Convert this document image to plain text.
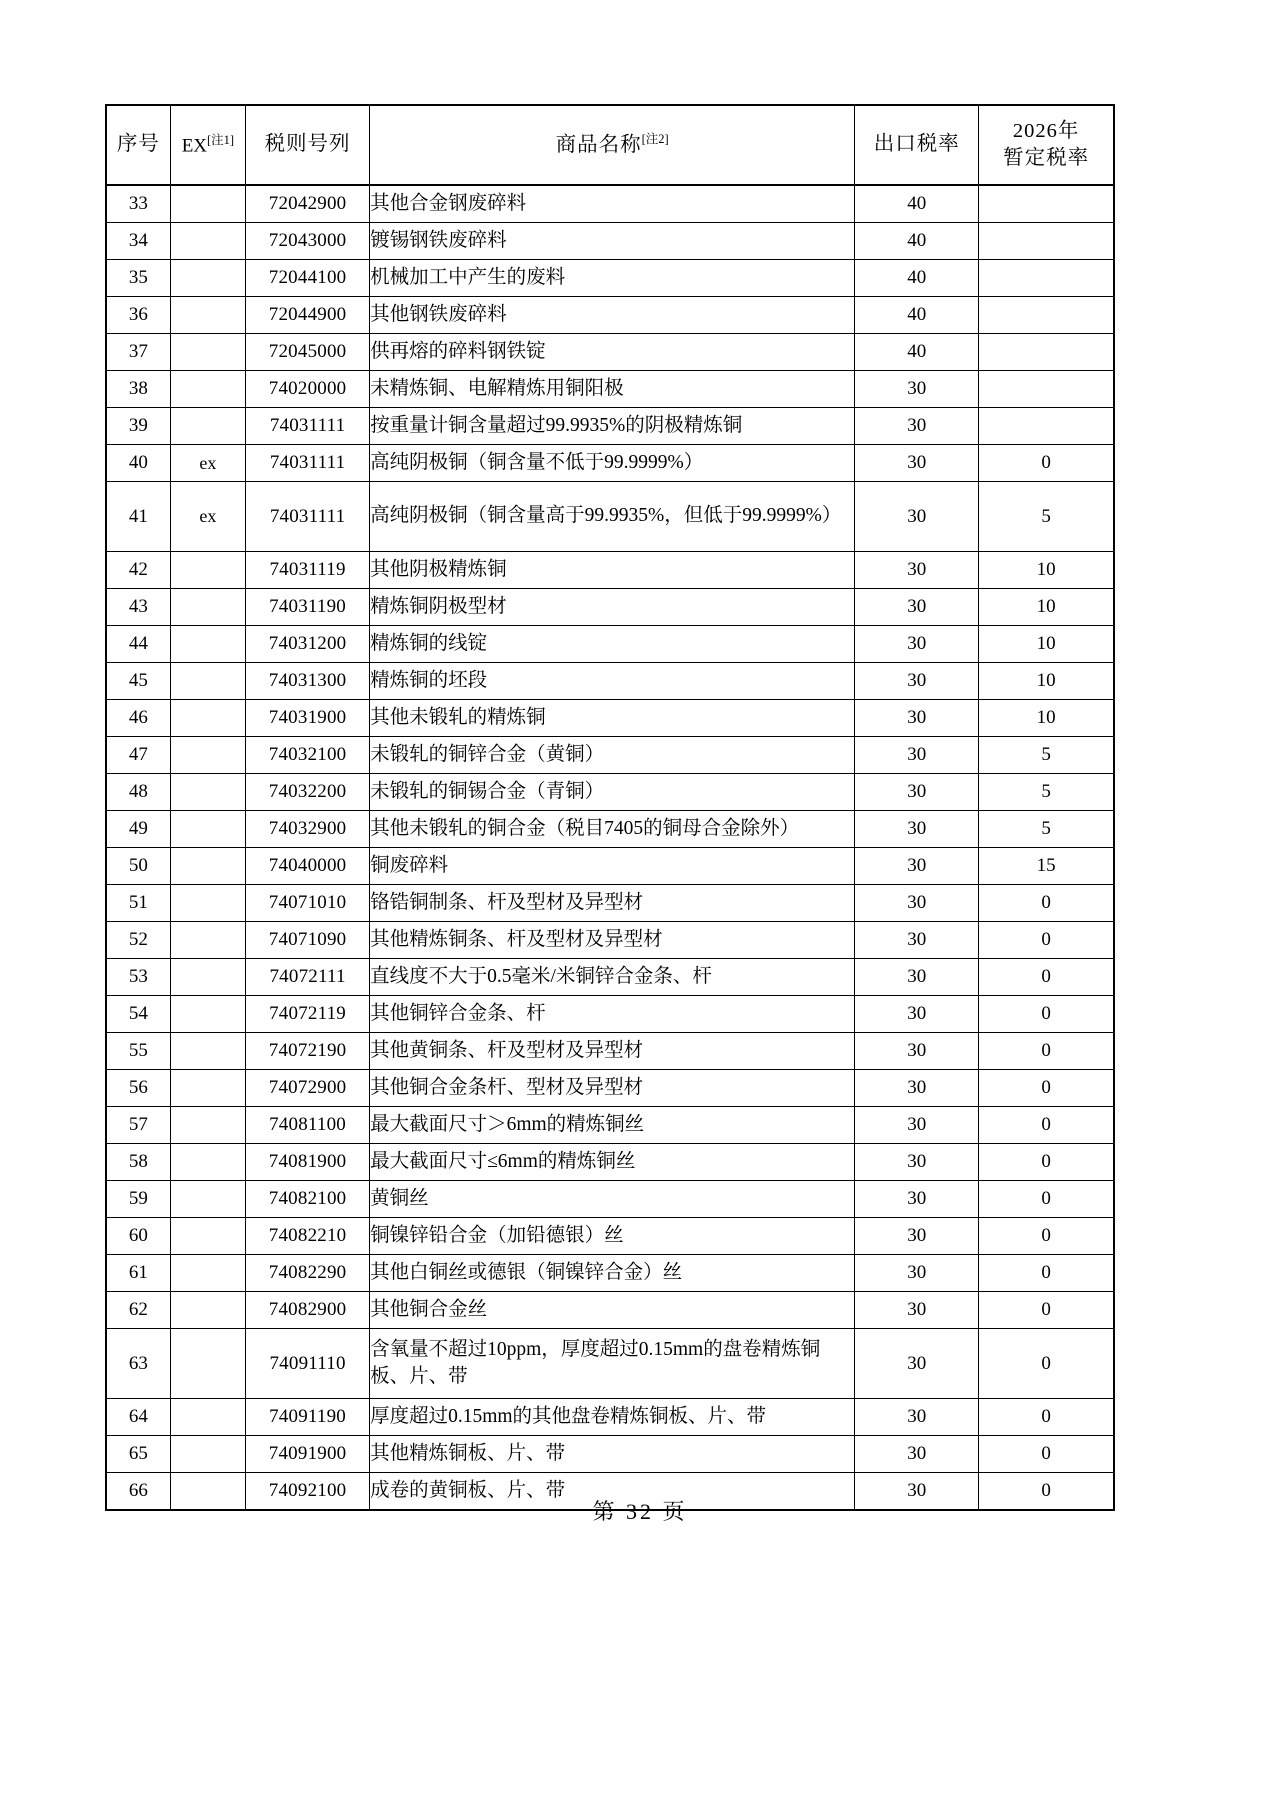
序号	EX[注1]	税则号列	商品名称[注2]	出口税率	2026年
暂定税率

33		72042900	其他合金钢废碎料	40	
34		72043000	镀锡钢铁废碎料	40	
35		72044100	机械加工中产生的废料	40	
36		72044900	其他钢铁废碎料	40	
37		72045000	供再熔的碎料钢铁锭	40	
38		74020000	未精炼铜、电解精炼用铜阳极	30	
39		74031111	按重量计铜含量超过99.9935%的阴极精炼铜	30	
40	ex	74031111	高纯阴极铜（铜含量不低于99.9999%）	30	0
41	ex	74031111	高纯阴极铜（铜含量高于99.9935%，但低于99.9999%）	30	5
42		74031119	其他阴极精炼铜	30	10
43		74031190	精炼铜阴极型材	30	10
44		74031200	精炼铜的线锭	30	10
45		74031300	精炼铜的坯段	30	10
46		74031900	其他未锻轧的精炼铜	30	10
47		74032100	未锻轧的铜锌合金（黄铜）	30	5
48		74032200	未锻轧的铜锡合金（青铜）	30	5
49		74032900	其他未锻轧的铜合金（税目7405的铜母合金除外）	30	5
50		74040000	铜废碎料	30	15
51		74071010	铬锆铜制条、杆及型材及异型材	30	0
52		74071090	其他精炼铜条、杆及型材及异型材	30	0
53		74072111	直线度不大于0.5毫米/米铜锌合金条、杆	30	0
54		74072119	其他铜锌合金条、杆	30	0
55		74072190	其他黄铜条、杆及型材及异型材	30	0
56		74072900	其他铜合金条杆、型材及异型材	30	0
57		74081100	最大截面尺寸＞6mm的精炼铜丝	30	0
58		74081900	最大截面尺寸≤6mm的精炼铜丝	30	0
59		74082100	黄铜丝	30	0
60		74082210	铜镍锌铅合金（加铅德银）丝	30	0
61		74082290	其他白铜丝或德银（铜镍锌合金）丝	30	0
62		74082900	其他铜合金丝	30	0
63		74091110	含氧量不超过10ppm，厚度超过0.15mm的盘卷精炼铜板、片、带	30	0
64		74091190	厚度超过0.15mm的其他盘卷精炼铜板、片、带	30	0
65		74091900	其他精炼铜板、片、带	30	0
66		74092100	成卷的黄铜板、片、带	30	0
第 32 页
